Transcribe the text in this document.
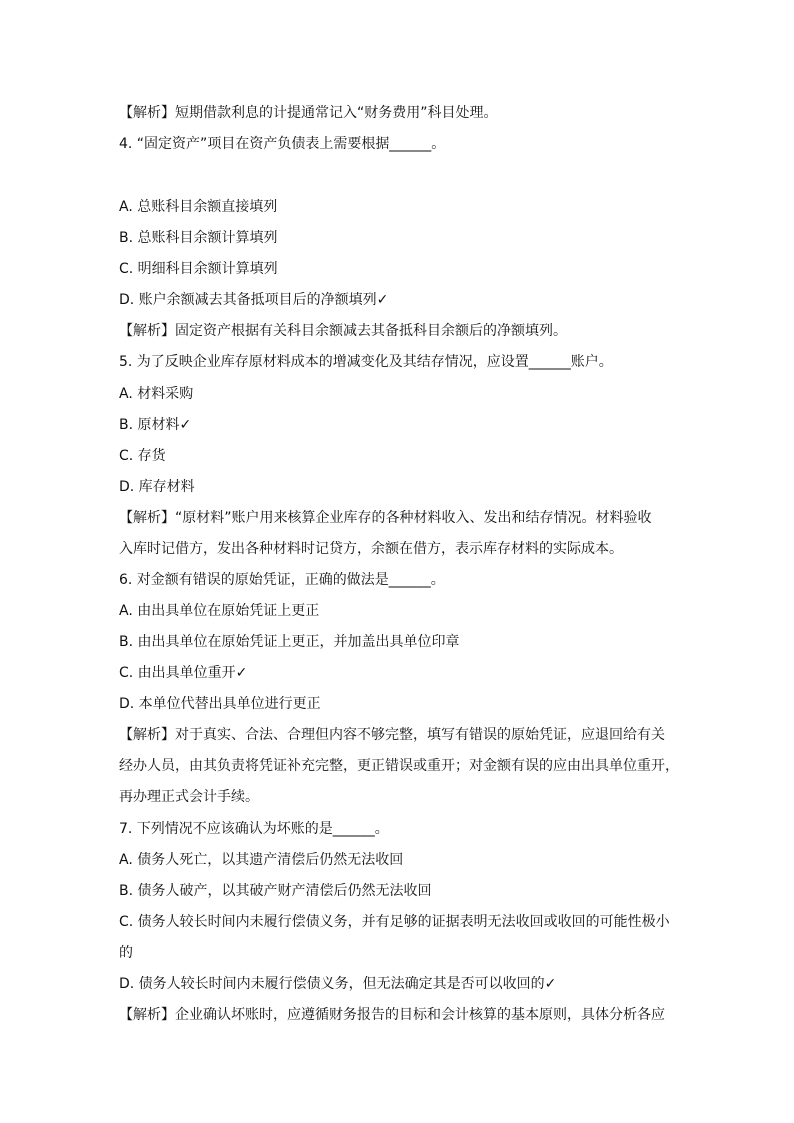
【解析】短期借款利息的计提通常记入“财务费用”科目处理。
4. “固定资产”项目在资产负债表上需要根据______。
A. 总账科目余额直接填列
B. 总账科目余额计算填列
C. 明细科目余额计算填列
D. 账户余额减去其备抵项目后的净额填列✓
【解析】固定资产根据有关科目余额减去其备抵科目余额后的净额填列。
5. 为了反映企业库存原材料成本的增减变化及其结存情况，应设置______账户。
A. 材料采购
B. 原材料✓
C. 存货
D. 库存材料
【解析】“原材料”账户用来核算企业库存的各种材料收入、发出和结存情况。材料验收
入库时记借方，发出各种材料时记贷方，余额在借方，表示库存材料的实际成本。
6. 对金额有错误的原始凭证，正确的做法是______。
A. 由出具单位在原始凭证上更正
B. 由出具单位在原始凭证上更正，并加盖出具单位印章
C. 由出具单位重开✓
D. 本单位代替出具单位进行更正
【解析】对于真实、合法、合理但内容不够完整，填写有错误的原始凭证，应退回给有关
经办人员，由其负责将凭证补充完整，更正错误或重开；对金额有误的应由出具单位重开，
再办理正式会计手续。
7. 下列情况不应该确认为坏账的是______。
A. 债务人死亡，以其遗产清偿后仍然无法收回
B. 债务人破产，以其破产财产清偿后仍然无法收回
C. 债务人较长时间内未履行偿债义务，并有足够的证据表明无法收回或收回的可能性极小
的
D. 债务人较长时间内未履行偿债义务，但无法确定其是否可以收回的✓
【解析】企业确认坏账时，应遵循财务报告的目标和会计核算的基本原则，具体分析各应
